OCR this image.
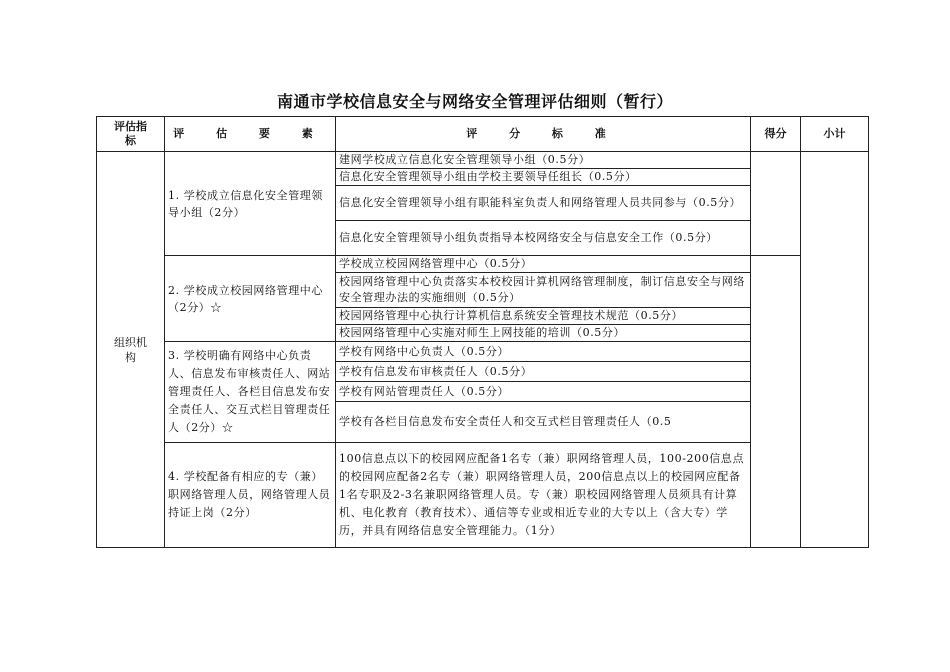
南通市学校信息安全与网络安全管理评估细则（暂行）
评估指标	评 估 要 素	评 分 标 准	得分	小计
组织机构	1. 学校成立信息化安全管理领导小组（2分）	建网学校成立信息化安全管理领导小组（0.5分）		
		信息化安全管理领导小组由学校主要领导任组长（0.5分）		
		信息化安全管理领导小组有职能科室负责人和网络管理人员共同参与（0.5分）		
		信息化安全管理领导小组负责指导本校网络安全与信息安全工作（0.5分）		
	2. 学校成立校园网络管理中心（2分）☆	学校成立校园网络管理中心（0.5分）		
		校园网络管理中心负责落实本校校园计算机网络管理制度，制订信息安全与网络安全管理办法的实施细则（0.5分）		
		校园网络管理中心执行计算机信息系统安全管理技术规范（0.5分）		
		校园网络管理中心实施对师生上网技能的培训（0.5分）		
	3. 学校明确有网络中心负责人、信息发布审核责任人、网站管理责任人、各栏目信息发布安全责任人、交互式栏目管理责任人（2分）☆	学校有网络中心负责人（0.5分）		
		学校有信息发布审核责任人（0.5分）		
		学校有网站管理责任人（0.5分）		
		学校有各栏目信息发布安全责任人和交互式栏目管理责任人（0.5		
	4. 学校配备有相应的专（兼）职网络管理人员，网络管理人员持证上岗（2分）	100信息点以下的校园网应配备1名专（兼）职网络管理人员，100-200信息点的校园网应配备2名专（兼）职网络管理人员，200信息点以上的校园网应配备1名专职及2-3名兼职网络管理人员。专（兼）职校园网络管理人员须具有计算机、电化教育（教育技术）、通信等专业或相近专业的大专以上（含大专）学历，并具有网络信息安全管理能力。（1分）		
